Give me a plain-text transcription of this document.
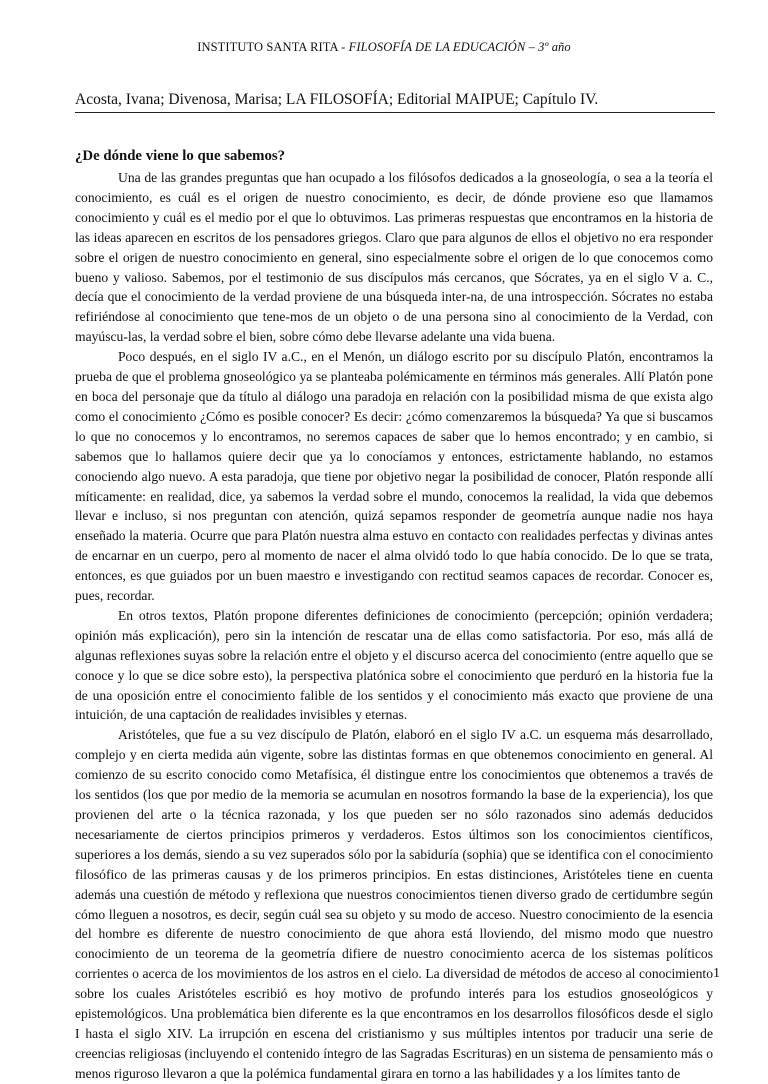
INSTITUTO SANTA RITA - FILOSOFÍA DE LA EDUCACIÓN – 3º año
Acosta, Ivana; Divenosa, Marisa; LA FILOSOFÍA; Editorial MAIPUE; Capítulo IV.
¿De dónde viene lo que sabemos?

Una de las grandes preguntas que han ocupado a los filósofos dedicados a la gnoseología, o sea a la teoría el conocimiento, es cuál es el origen de nuestro conocimiento, es decir, de dónde proviene eso que llamamos conocimiento y cuál es el medio por el que lo obtuvimos. Las primeras respuestas que encontramos en la historia de las ideas aparecen en escritos de los pensadores griegos. Claro que para algunos de ellos el objetivo no era responder sobre el origen de nuestro conocimiento en general, sino especialmente sobre el origen de lo que conocemos como bueno y valioso. Sabemos, por el testimonio de sus discípulos más cercanos, que Sócrates, ya en el siglo V a. C., decía que el conocimiento de la verdad proviene de una búsqueda inter-na, de una introspección. Sócrates no estaba refiriéndose al conocimiento que tene-mos de un objeto o de una persona sino al conocimiento de la Verdad, con mayúscu-las, la verdad sobre el bien, sobre cómo debe llevarse adelante una vida buena.

Poco después, en el siglo IV a.C., en el Menón, un diálogo escrito por su discípulo Platón, encontramos la prueba de que el problema gnoseológico ya se planteaba polémicamente en términos más generales. Allí Platón pone en boca del personaje que da título al diálogo una paradoja en relación con la posibilidad misma de que exista algo como el conocimiento ¿Cómo es posible conocer? Es decir: ¿cómo comenzaremos la búsqueda? Ya que si buscamos lo que no conocemos y lo encontramos, no seremos capaces de saber que lo hemos encontrado; y en cambio, si sabemos que lo hallamos quiere decir que ya lo conocíamos y entonces, estrictamente hablando, no estamos conociendo algo nuevo. A esta paradoja, que tiene por objetivo negar la posibilidad de conocer, Platón responde allí míticamente: en realidad, dice, ya sabemos la verdad sobre el mundo, conocemos la realidad, la vida que debemos llevar e incluso, si nos preguntan con atención, quizá sepamos responder de geometría aunque nadie nos haya enseñado la materia. Ocurre que para Platón nuestra alma estuvo en contacto con realidades perfectas y divinas antes de encarnar en un cuerpo, pero al momento de nacer el alma olvidó todo lo que había conocido. De lo que se trata, entonces, es que guiados por un buen maestro e investigando con rectitud seamos capaces de recordar. Conocer es, pues, recordar.

En otros textos, Platón propone diferentes definiciones de conocimiento (percepción; opinión verdadera; opinión más explicación), pero sin la intención de rescatar una de ellas como satisfactoria. Por eso, más allá de algunas reflexiones suyas sobre la relación entre el objeto y el discurso acerca del conocimiento (entre aquello que se conoce y lo que se dice sobre esto), la perspectiva platónica sobre el conocimiento que perduró en la historia fue la de una oposición entre el conocimiento falible de los sentidos y el conocimiento más exacto que proviene de una intuición, de una captación de realidades invisibles y eternas.

Aristóteles, que fue a su vez discípulo de Platón, elaboró en el siglo IV a.C. un esquema más desarrollado, complejo y en cierta medida aún vigente, sobre las distintas formas en que obtenemos conocimiento en general. Al comienzo de su escrito conocido como Metafísica, él distingue entre los conocimientos que obtenemos a través de los sentidos (los que por medio de la memoria se acumulan en nosotros formando la base de la experiencia), los que provienen del arte o la técnica razonada, y los que pueden ser no sólo razonados sino además deducidos necesariamente de ciertos principios primeros y verdaderos. Estos últimos son los conocimientos científicos, superiores a los demás, siendo a su vez superados sólo por la sabiduría (sophia) que se identifica con el conocimiento filosófico de las primeras causas y de los primeros principios. En estas distinciones, Aristóteles tiene en cuenta además una cuestión de método y reflexiona que nuestros conocimientos tienen diverso grado de certidumbre según cómo lleguen a nosotros, es decir, según cuál sea su objeto y su modo de acceso. Nuestro conocimiento de la esencia del hombre es diferente de nuestro conocimiento de que ahora está lloviendo, del mismo modo que nuestro conocimiento de un teorema de la geometría difiere de nuestro conocimiento acerca de los sistemas políticos corrientes o acerca de los movimientos de los astros en el cielo. La diversidad de métodos de acceso al conocimiento sobre los cuales Aristóteles escribió es hoy motivo de profundo interés para los estudios gnoseológicos y epistemológicos. Una problemática bien diferente es la que encontramos en los desarrollos filosóficos desde el siglo I hasta el siglo XIV. La irrupción en escena del cristianismo y sus múltiples intentos por traducir una serie de creencias religiosas (incluyendo el contenido íntegro de las Sagradas Escrituras) en un sistema de pensamiento más o menos riguroso llevaron a que la polémica fundamental girara en torno a las habilidades y a los límites tanto de

1
